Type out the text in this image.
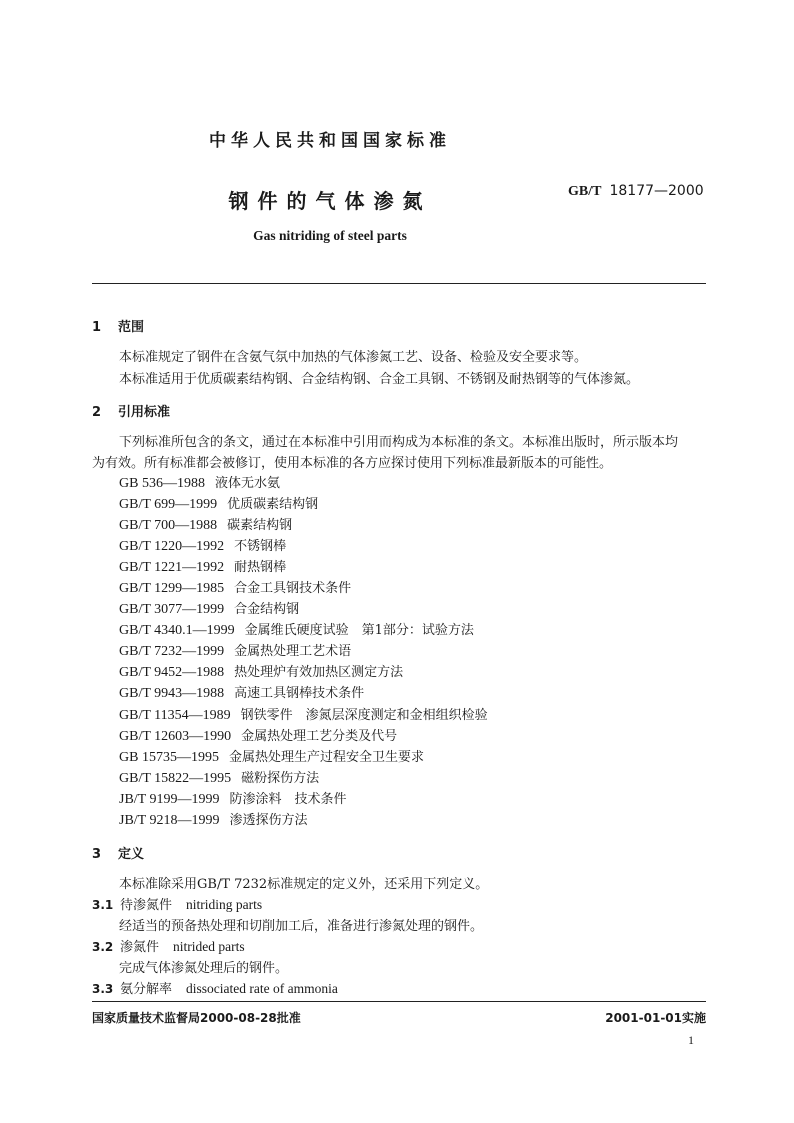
中华人民共和国国家标准
钢件的气体渗氮	GB/T 18177—2000
Gas nitriding of steel parts
1 范围
本标准规定了钢件在含氨气氛中加热的气体渗氮工艺、设备、检验及安全要求等。
本标准适用于优质碳素结构钢、合金结构钢、合金工具钢、不锈钢及耐热钢等的气体渗氮。
2 引用标准
下列标准所包含的条文，通过在本标准中引用而构成为本标准的条文。本标准出版时，所示版本均
为有效。所有标准都会被修订，使用本标准的各方应探讨使用下列标准最新版本的可能性。
GB 536—1988 液体无水氨
GB/T 699—1999 优质碳素结构钢
GB/T 700—1988 碳素结构钢
GB/T 1220—1992 不锈钢棒
GB/T 1221—1992 耐热钢棒
GB/T 1299—1985 合金工具钢技术条件
GB/T 3077—1999 合金结构钢
GB/T 4340.1—1999 金属维氏硬度试验　第1部分：试验方法
GB/T 7232—1999 金属热处理工艺术语
GB/T 9452—1988 热处理炉有效加热区测定方法
GB/T 9943—1988 高速工具钢棒技术条件
GB/T 11354—1989 钢铁零件　渗氮层深度测定和金相组织检验
GB/T 12603—1990 金属热处理工艺分类及代号
GB 15735—1995 金属热处理生产过程安全卫生要求
GB/T 15822—1995 磁粉探伤方法
JB/T 9199—1999 防渗涂料　技术条件
JB/T 9218—1999 渗透探伤方法
3 定义
本标准除采用GB/T 7232标准规定的定义外，还采用下列定义。
3.1 待渗氮件 nitriding parts
经适当的预备热处理和切削加工后，准备进行渗氮处理的钢件。
3.2 渗氮件 nitrided parts
完成气体渗氮处理后的钢件。
3.3 氨分解率 dissociated rate of ammonia
国家质量技术监督局2000-08-28批准	2001-01-01实施
1
